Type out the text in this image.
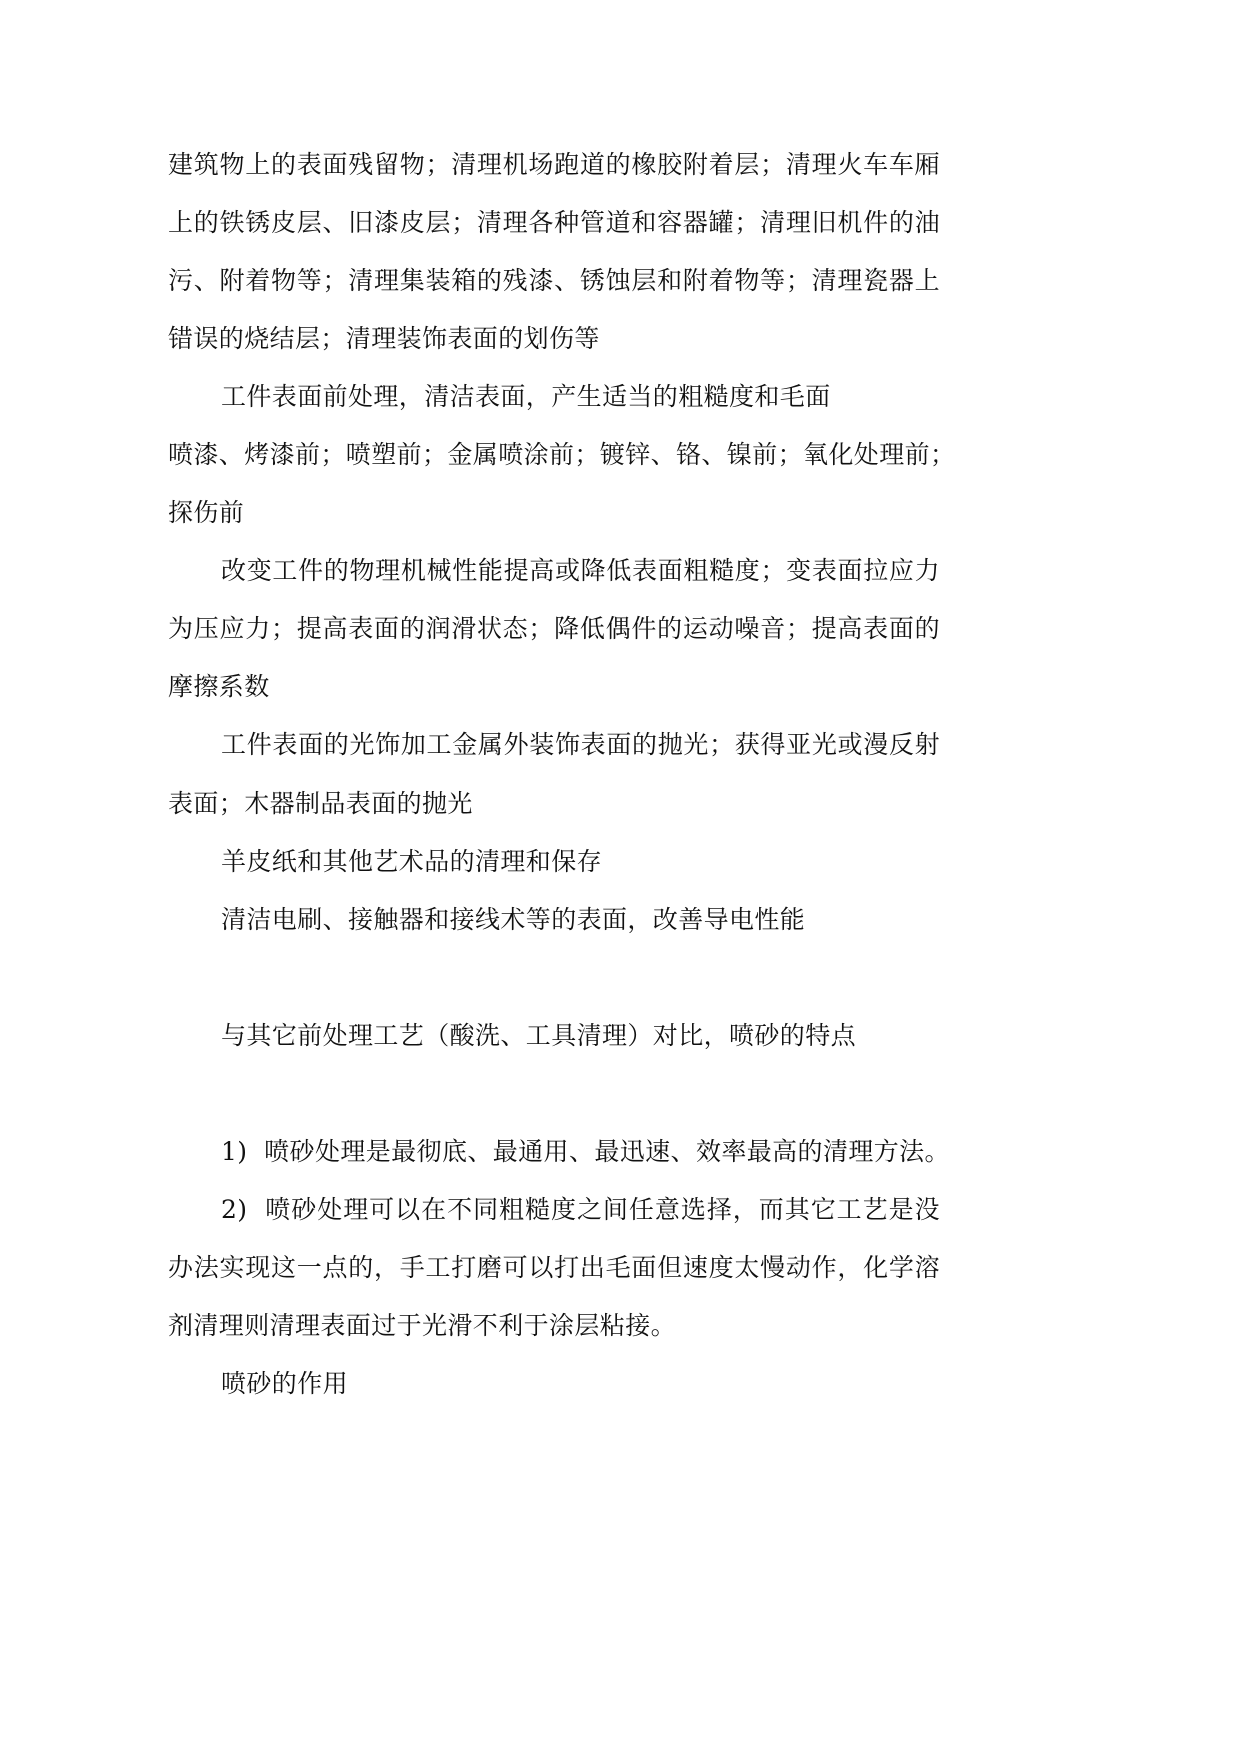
建筑物上的表面残留物；清理机场跑道的橡胶附着层；清理火车车厢
上的铁锈皮层、旧漆皮层；清理各种管道和容器罐；清理旧机件的油
污、附着物等；清理集装箱的残漆、锈蚀层和附着物等；清理瓷器上
错误的烧结层；清理装饰表面的划伤等
工件表面前处理，清洁表面，产生适当的粗糙度和毛面
喷漆、烤漆前；喷塑前；金属喷涂前；镀锌、铬、镍前；氧化处理前；
探伤前
改变工件的物理机械性能提高或降低表面粗糙度；变表面拉应力
为压应力；提高表面的润滑状态；降低偶件的运动噪音；提高表面的
摩擦系数
工件表面的光饰加工金属外装饰表面的抛光；获得亚光或漫反射
表面；木器制品表面的抛光
羊皮纸和其他艺术品的清理和保存
清洁电刷、接触器和接线术等的表面，改善导电性能
与其它前处理工艺（酸洗、工具清理）对比，喷砂的特点
1)  喷砂处理是最彻底、最通用、最迅速、效率最高的清理方法。
2)  喷砂处理可以在不同粗糙度之间任意选择，而其它工艺是没
办法实现这一点的，手工打磨可以打出毛面但速度太慢动作，化学溶
剂清理则清理表面过于光滑不利于涂层粘接。
喷砂的作用
